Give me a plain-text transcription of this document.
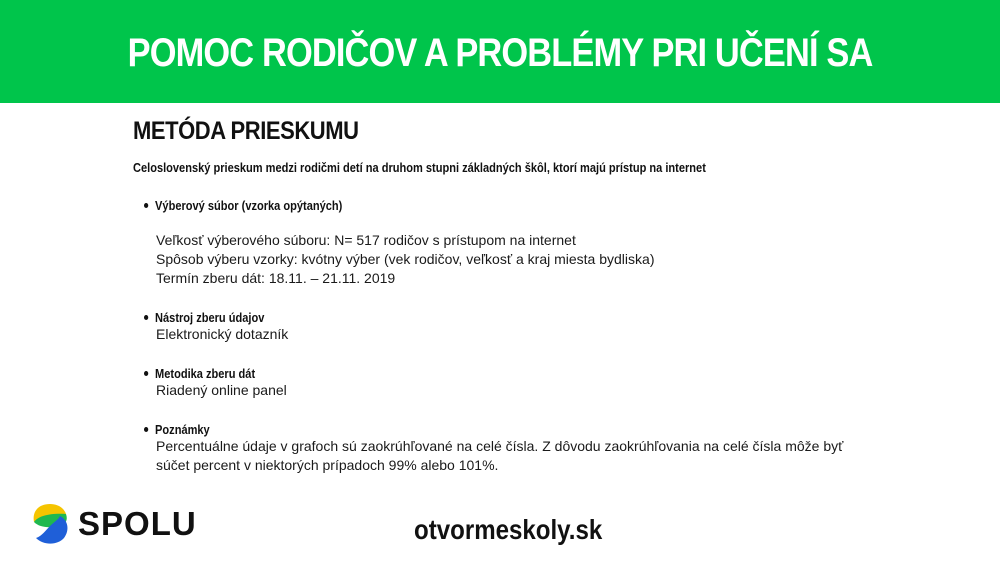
POMOC RODIČOV A PROBLÉMY PRI UČENÍ SA
METÓDA PRIESKUMU
Celoslovenský prieskum medzi rodičmi detí na druhom stupni základných škôl, ktorí majú prístup na internet
Výberový súbor (vzorka opýtaných)
Veľkosť výberového súboru: N= 517 rodičov s prístupom na internet
Spôsob výberu vzorky: kvótny výber (vek rodičov, veľkosť a kraj miesta bydliska)
Termín zberu dát: 18.11. – 21.11. 2019
Nástroj zberu údajov
Elektronický dotazník
Metodika zberu dát
Riadený online panel
Poznámky
Percentuálne údaje v grafoch sú zaokrúhľované na celé čísla. Z dôvodu zaokrúhľovania na celé čísla môže byť
súčet percent v niektorých prípadoch 99% alebo 101%.
SPOLU	otvormeskoly.sk
